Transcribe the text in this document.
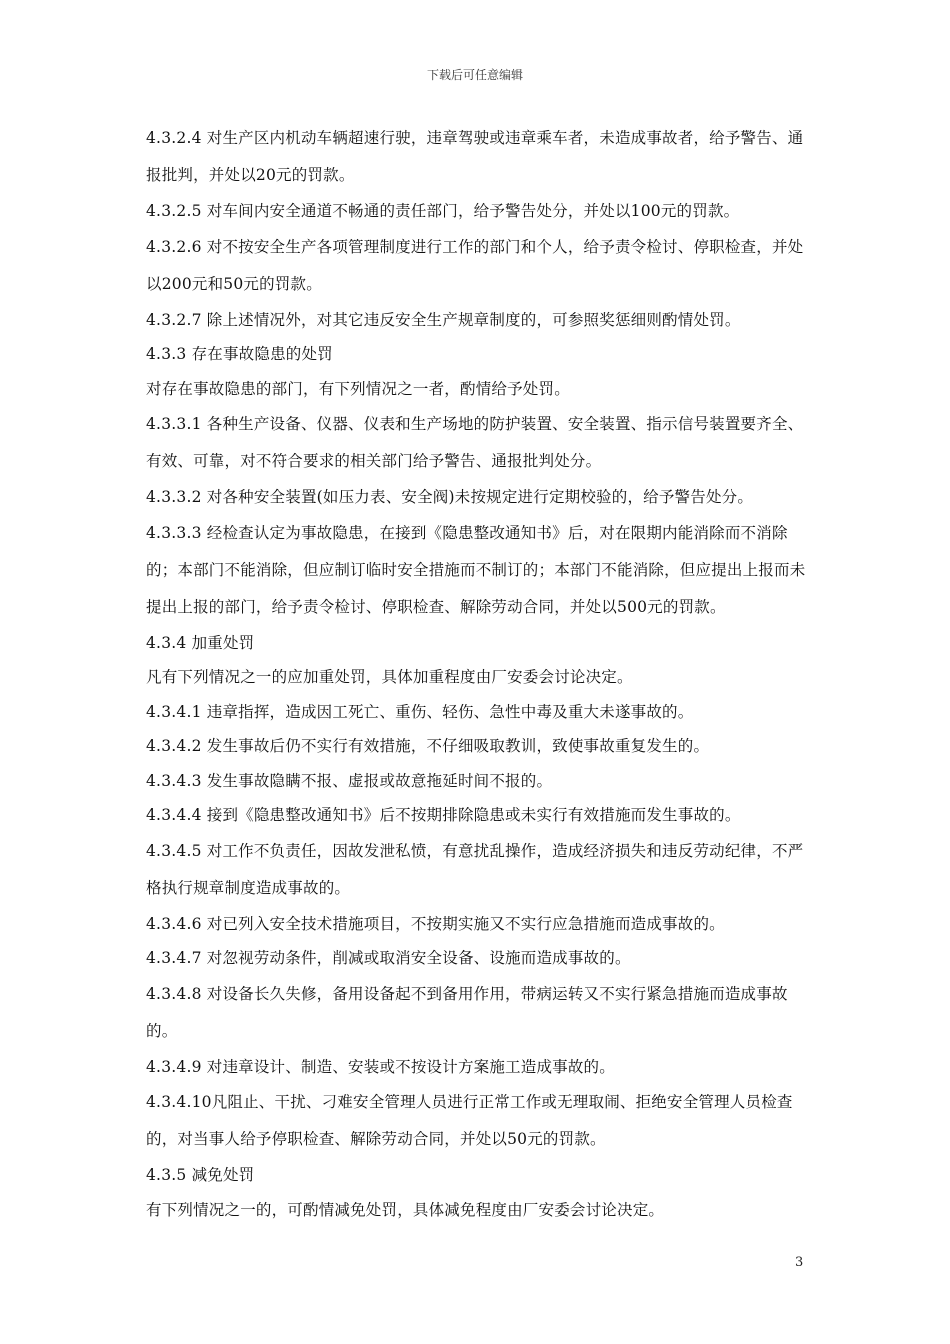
下载后可任意编辑
4.3.2.4 对生产区内机动车辆超速行驶，违章驾驶或违章乘车者，未造成事故者，给予警告、通报批判，并处以20元的罚款。
4.3.2.5 对车间内安全通道不畅通的责任部门，给予警告处分，并处以100元的罚款。
4.3.2.6 对不按安全生产各项管理制度进行工作的部门和个人，给予责令检讨、停职检查，并处以200元和50元的罚款。
4.3.2.7 除上述情况外，对其它违反安全生产规章制度的，可参照奖惩细则酌情处罚。
4.3.3 存在事故隐患的处罚
对存在事故隐患的部门，有下列情况之一者，酌情给予处罚。
4.3.3.1 各种生产设备、仪器、仪表和生产场地的防护装置、安全装置、指示信号装置要齐全、有效、可靠，对不符合要求的相关部门给予警告、通报批判处分。
4.3.3.2 对各种安全装置(如压力表、安全阀)未按规定进行定期校验的，给予警告处分。
4.3.3.3 经检查认定为事故隐患，在接到《隐患整改通知书》后，对在限期内能消除而不消除的；本部门不能消除，但应制订临时安全措施而不制订的；本部门不能消除，但应提出上报而未提出上报的部门，给予责令检讨、停职检查、解除劳动合同，并处以500元的罚款。
4.3.4 加重处罚
凡有下列情况之一的应加重处罚，具体加重程度由厂安委会讨论决定。
4.3.4.1 违章指挥，造成因工死亡、重伤、轻伤、急性中毒及重大未遂事故的。
4.3.4.2 发生事故后仍不实行有效措施，不仔细吸取教训，致使事故重复发生的。
4.3.4.3 发生事故隐瞒不报、虚报或故意拖延时间不报的。
4.3.4.4 接到《隐患整改通知书》后不按期排除隐患或未实行有效措施而发生事故的。
4.3.4.5 对工作不负责任，因故发泄私愤，有意扰乱操作，造成经济损失和违反劳动纪律，不严格执行规章制度造成事故的。
4.3.4.6 对已列入安全技术措施项目，不按期实施又不实行应急措施而造成事故的。
4.3.4.7 对忽视劳动条件，削减或取消安全设备、设施而造成事故的。
4.3.4.8 对设备长久失修，备用设备起不到备用作用，带病运转又不实行紧急措施而造成事故的。
4.3.4.9 对违章设计、制造、安装或不按设计方案施工造成事故的。
4.3.4.10凡阻止、干扰、刁难安全管理人员进行正常工作或无理取闹、拒绝安全管理人员检查的，对当事人给予停职检查、解除劳动合同，并处以50元的罚款。
4.3.5 减免处罚
有下列情况之一的，可酌情减免处罚，具体减免程度由厂安委会讨论决定。
3
